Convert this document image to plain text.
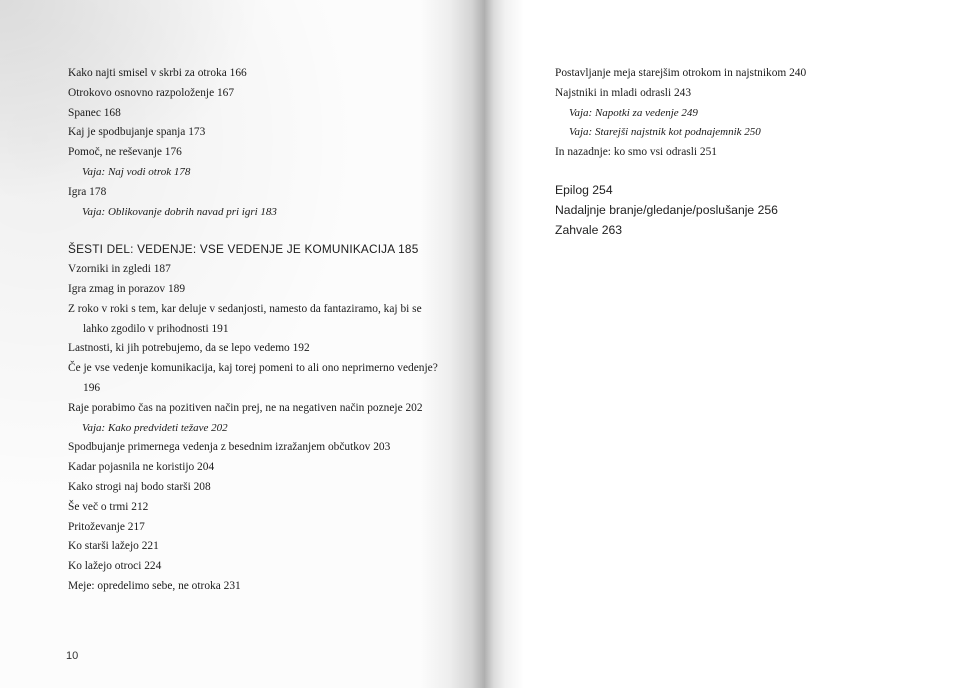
Kako najti smisel v skrbi za otroka 166
Otrokovo osnovno razpoloženje 167
Spanec 168
Kaj je spodbujanje spanja 173
Pomoč, ne reševanje 176
Vaja: Naj vodi otrok 178
Igra 178
Vaja: Oblikovanje dobrih navad pri igri 183
ŠESTI DEL: VEDENJE: VSE VEDENJE JE KOMUNIKACIJA 185
Vzorniki in zgledi 187
Igra zmag in porazov 189
Z roko v roki s tem, kar deluje v sedanjosti, namesto da fantaziramo, kaj bi se lahko zgodilo v prihodnosti 191
Lastnosti, ki jih potrebujemo, da se lepo vedemo 192
Če je vse vedenje komunikacija, kaj torej pomeni to ali ono neprimerno vedenje? 196
Raje porabimo čas na pozitiven način prej, ne na negativen način pozneje 202
Vaja: Kako predvideti težave 202
Spodbujanje primernega vedenja z besednim izražanjem občutkov 203
Kadar pojasnila ne koristijo 204
Kako strogi naj bodo starši 208
Še več o trmi 212
Pritoževanje 217
Ko starši lažejo 221
Ko lažejo otroci 224
Meje: opredelimo sebe, ne otroka 231
10
Postavljanje meja starejšim otrokom in najstnikom 240
Najstniki in mladi odrasli 243
Vaja: Napotki za vedenje 249
Vaja: Starejši najstnik kot podnajemnik 250
In nazadnje: ko smo vsi odrasli 251
Epilog 254
Nadaljnje branje/gledanje/poslušanje 256
Zahvale 263
